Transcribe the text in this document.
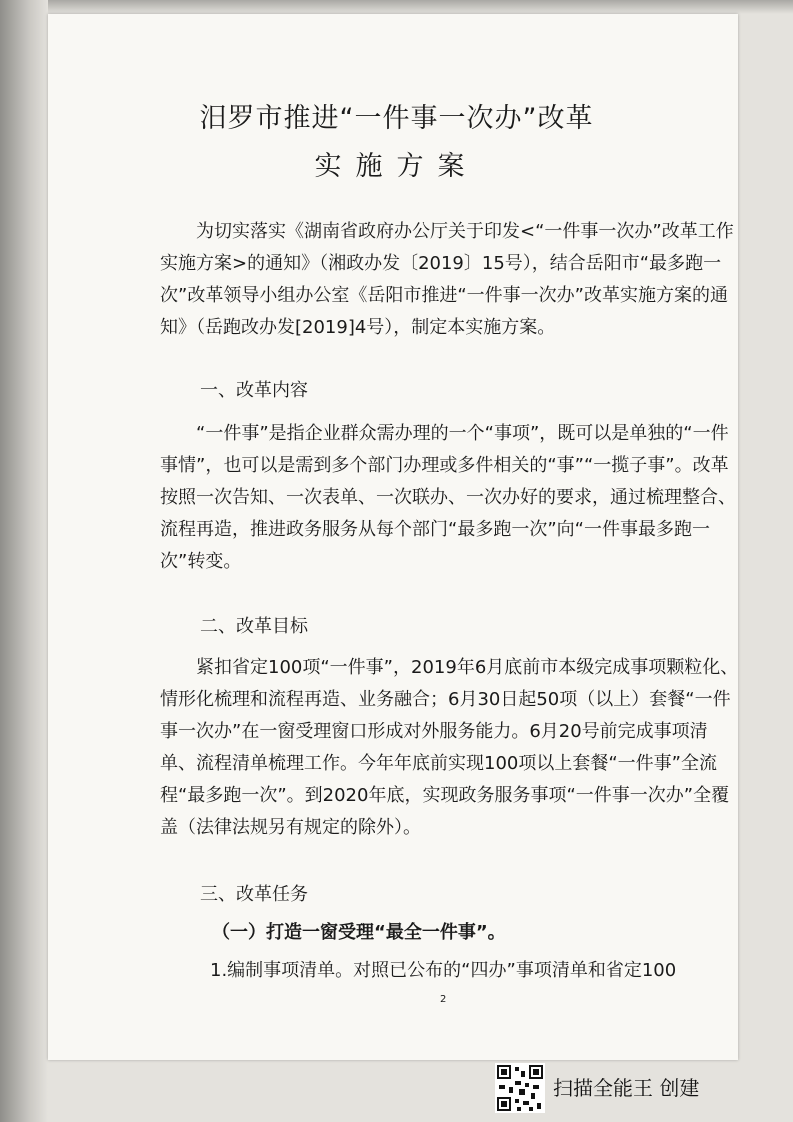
汨罗市推进“一件事一次办”改革
实施方案

为切实落实《湖南省政府办公厅关于印发<“一件事一次办”改革工作实施方案>的通知》（湘政办发〔2019〕15号），结合岳阳市“最多跑一次”改革领导小组办公室《岳阳市推进“一件事一次办”改革实施方案的通知》（岳跑改办发[2019]4号），制定本实施方案。

一、改革内容

“一件事”是指企业群众需办理的一个“事项”，既可以是单独的“一件事情”，也可以是需到多个部门办理或多件相关的“事”“一揽子事”。改革按照一次告知、一次表单、一次联办、一次办好的要求，通过梳理整合、流程再造，推进政务服务从每个部门“最多跑一次”向“一件事最多跑一次”转变。

二、改革目标

紧扣省定100项“一件事”，2019年6月底前市本级完成事项颗粒化、情形化梳理和流程再造、业务融合；6月30日起50项（以上）套餐“一件事一次办”在一窗受理窗口形成对外服务能力。6月20号前完成事项清单、流程清单梳理工作。今年年底前实现100项以上套餐“一件事”全流程“最多跑一次”。到2020年底，实现政务服务事项“一件事一次办”全覆盖（法律法规另有规定的除外）。

三、改革任务
（一）打造一窗受理“最全一件事”。

1.编制事项清单。对照已公布的“四办”事项清单和省定100

2
扫描全能王 创建
